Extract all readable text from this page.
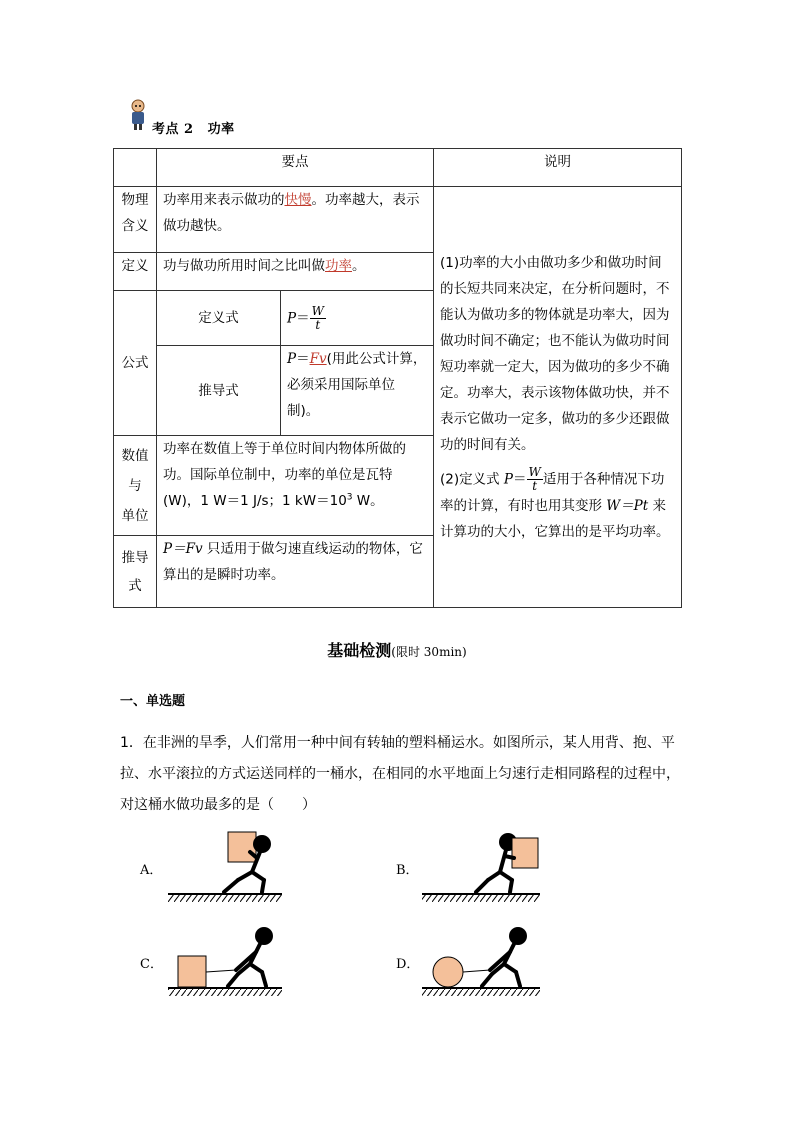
考点 2 功率
	要点		说明
物理含义	功率用来表示做功的快慢。功率越大，表示做功越快。		(1)功率的大小由做功多少和做功时间的长短共同来决定，在分析问题时，不能认为做功多的物体就是功率大，因为做功时间不确定；也不能认为做功时间短功率就一定大，因为做功的多少不确定。功率大，表示该物体做功快，并不表示它做功一定多，做功的多少还跟做功的时间有关。
(2)定义式 $P= \frac{W}{t}$ 适用于各种情况下功率的计算，有时也用其变形 W＝Pt 来计算功的大小，它算出的是平均功率。

定义	功与做功所用时间之比叫做功率。		
公式	定义式	$P= \frac{W}{t}$

	推导式	P＝Fv(用此公式计算，必须采用国际单位制)。	

数值
与
单位	功率在数值上等于单位时间内物体所做的功。国际单位制中，功率的单位是瓦特(W)，1 W＝1 J/s；1 $kW=10^3$ W。		

推导
式	P＝Fv 只适用于做匀速直线运动的物体，它算出的是瞬时功率。		
基础检测(限时 30min)
一、单选题
1．在非洲的旱季，人们常用一种中间有转轴的塑料桶运水。如图所示，某人用背、抱、平拉、水平滚拉的方式运送同样的一桶水，在相同的水平地面上匀速行走相同路程的过程中，对这桶水做功最多的是（　　）
A．	B．
C．	D．
